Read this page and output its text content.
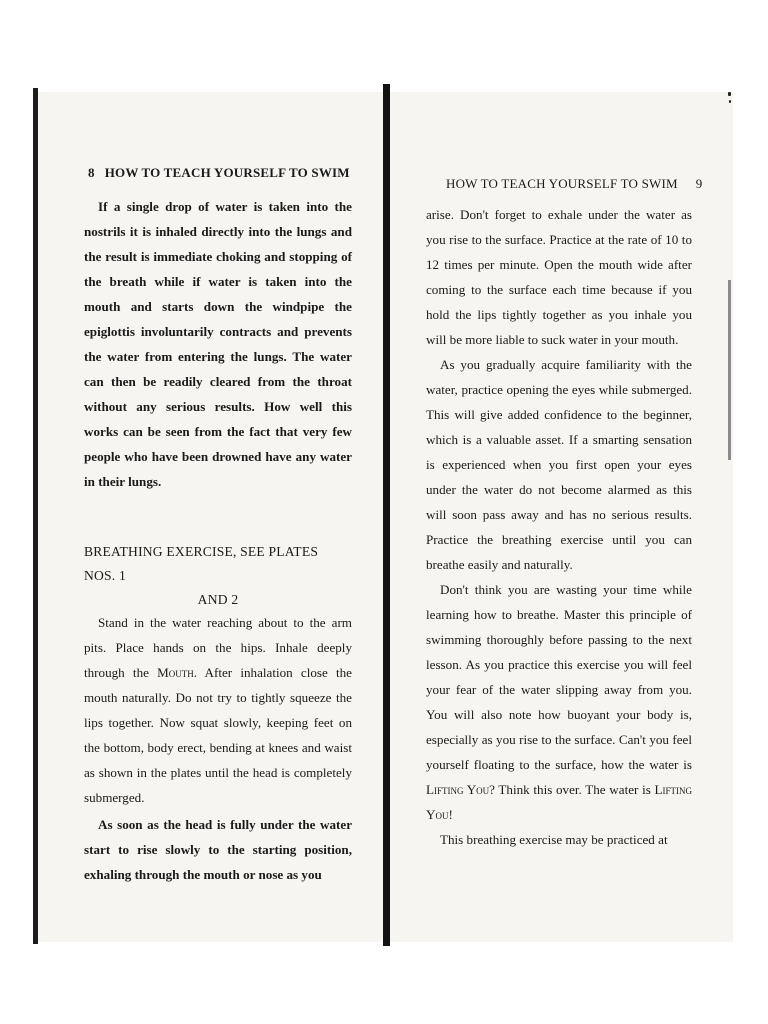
8 HOW TO TEACH YOURSELF TO SWIM

If a single drop of water is taken into the nostrils it is inhaled directly into the lungs and the result is immediate choking and stopping of the breath while if water is taken into the mouth and starts down the windpipe the epiglottis involuntarily contracts and prevents the water from entering the lungs. The water can then be readily cleared from the throat without any serious results. How well this works can be seen from the fact that very few people who have been drowned have any water in their lungs.

BREATHING EXERCISE, SEE PLATES NOS. 1
AND 2

Stand in the water reaching about to the arm pits. Place hands on the hips. Inhale deeply through the Mouth. After inhalation close the mouth naturally. Do not try to tightly squeeze the lips together. Now squat slowly, keeping feet on the bottom, body erect, bending at knees and waist as shown in the plates until the head is completely submerged.

As soon as the head is fully under the water start to rise slowly to the starting position, exhaling through the mouth or nose as you

HOW TO TEACH YOURSELF TO SWIM 9

arise. Don't forget to exhale under the water as you rise to the surface. Practice at the rate of 10 to 12 times per minute. Open the mouth wide after coming to the surface each time because if you hold the lips tightly together as you inhale you will be more liable to suck water in your mouth.

As you gradually acquire familiarity with the water, practice opening the eyes while submerged. This will give added confidence to the beginner, which is a valuable asset. If a smarting sensation is experienced when you first open your eyes under the water do not become alarmed as this will soon pass away and has no serious results. Practice the breathing exercise until you can breathe easily and naturally.

Don't think you are wasting your time while learning how to breathe. Master this principle of swimming thoroughly before passing to the next lesson. As you practice this exercise you will feel your fear of the water slipping away from you. You will also note how buoyant your body is, especially as you rise to the surface. Can't you feel yourself floating to the surface, how the water is Lifting You? Think this over. The water is Lifting You!

This breathing exercise may be practiced at
